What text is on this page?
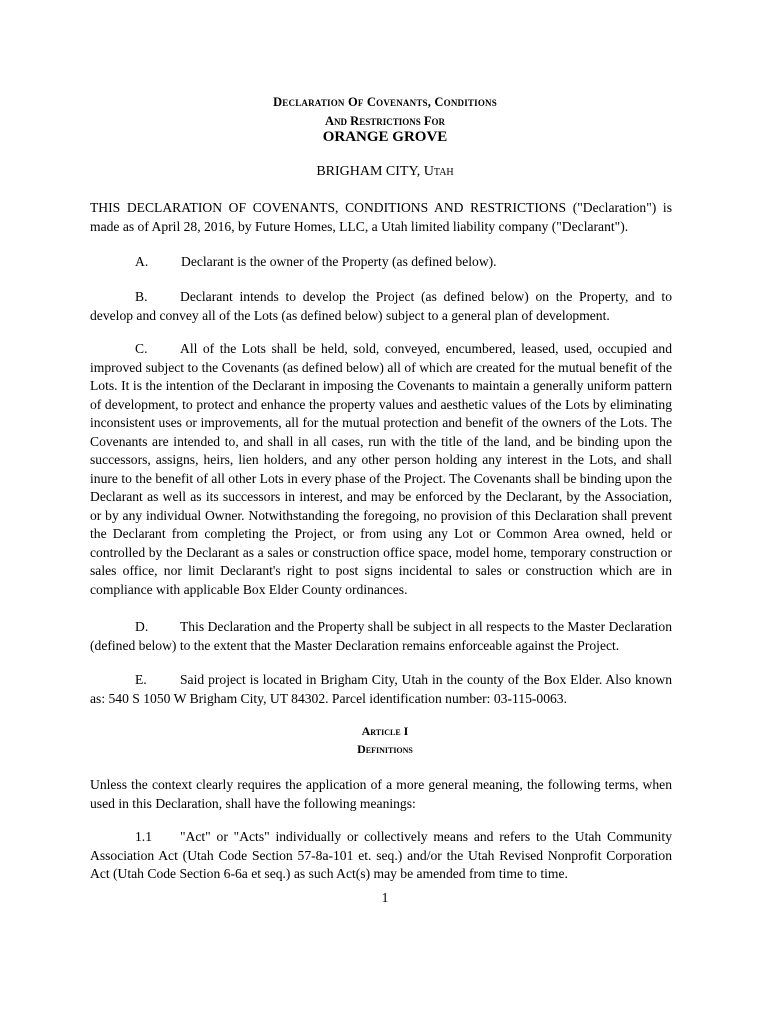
Declaration Of Covenants, Conditions
And Restrictions For
ORANGE GROVE
BRIGHAM CITY, Utah

THIS DECLARATION OF COVENANTS, CONDITIONS AND RESTRICTIONS ("Declaration") is made as of April 28, 2016, by Future Homes, LLC, a Utah limited liability company ("Declarant").

A. Declarant is the owner of the Property (as defined below).

B. Declarant intends to develop the Project (as defined below) on the Property, and to develop and convey all of the Lots (as defined below) subject to a general plan of development.

C. All of the Lots shall be held, sold, conveyed, encumbered, leased, used, occupied and improved subject to the Covenants (as defined below) all of which are created for the mutual benefit of the Lots. It is the intention of the Declarant in imposing the Covenants to maintain a generally uniform pattern of development, to protect and enhance the property values and aesthetic values of the Lots by eliminating inconsistent uses or improvements, all for the mutual protection and benefit of the owners of the Lots. The Covenants are intended to, and shall in all cases, run with the title of the land, and be binding upon the successors, assigns, heirs, lien holders, and any other person holding any interest in the Lots, and shall inure to the benefit of all other Lots in every phase of the Project. The Covenants shall be binding upon the Declarant as well as its successors in interest, and may be enforced by the Declarant, by the Association, or by any individual Owner. Notwithstanding the foregoing, no provision of this Declaration shall prevent the Declarant from completing the Project, or from using any Lot or Common Area owned, held or controlled by the Declarant as a sales or construction office space, model home, temporary construction or sales office, nor limit Declarant's right to post signs incidental to sales or construction which are in compliance with applicable Box Elder County ordinances.

D. This Declaration and the Property shall be subject in all respects to the Master Declaration (defined below) to the extent that the Master Declaration remains enforceable against the Project.

E. Said project is located in Brigham City, Utah in the county of the Box Elder. Also known as: 540 S 1050 W Brigham City, UT 84302. Parcel identification number: 03-115-0063.

Article I
Definitions

Unless the context clearly requires the application of a more general meaning, the following terms, when used in this Declaration, shall have the following meanings:

1.1 "Act" or "Acts" individually or collectively means and refers to the Utah Community Association Act (Utah Code Section 57-8a-101 et. seq.) and/or the Utah Revised Nonprofit Corporation Act (Utah Code Section 6-6a et seq.) as such Act(s) may be amended from time to time.

1
